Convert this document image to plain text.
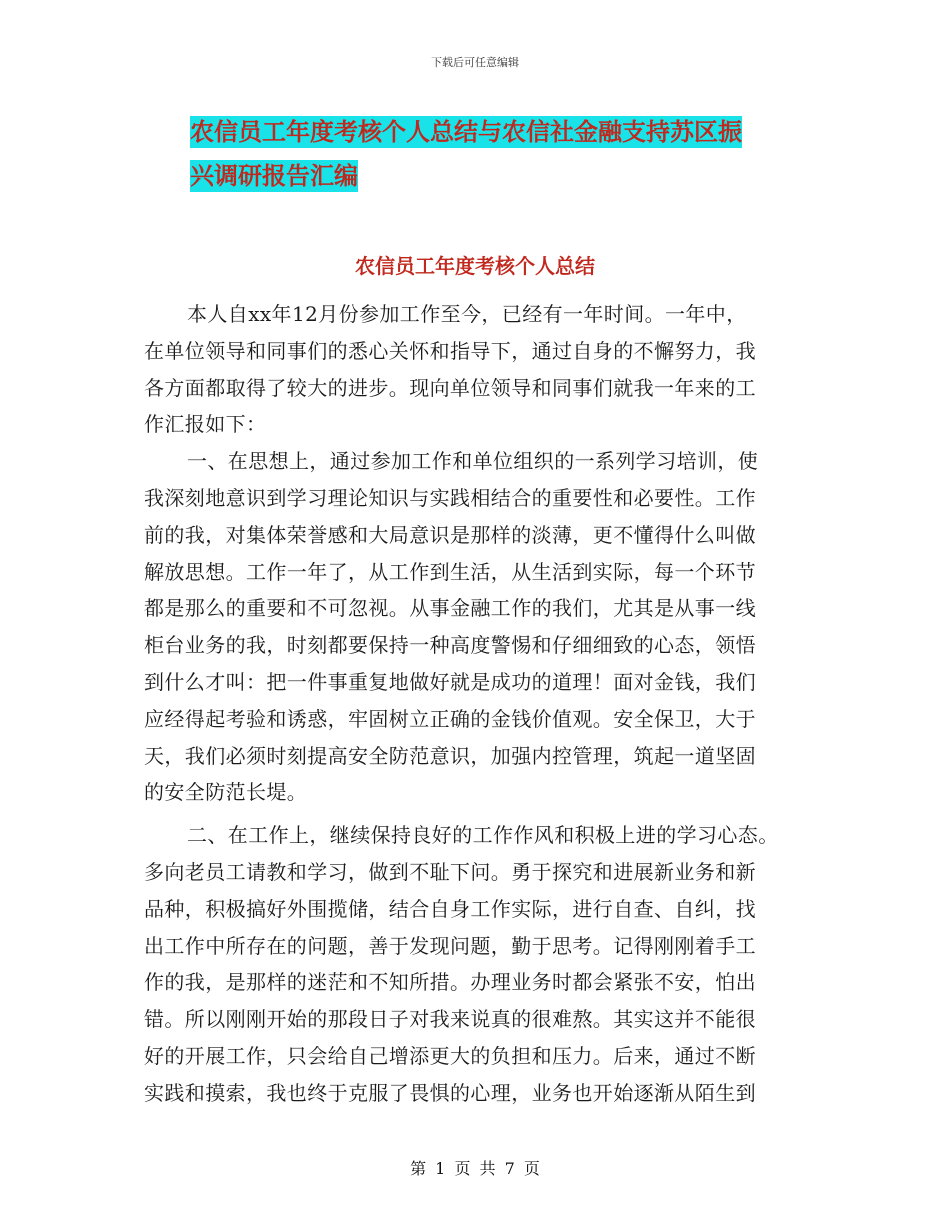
下载后可任意编辑
农信员工年度考核个人总结与农信社金融支持苏区振
兴调研报告汇编
农信员工年度考核个人总结
本人自xx年12月份参加工作至今，已经有一年时间。一年中，
在单位领导和同事们的悉心关怀和指导下，通过自身的不懈努力，我
各方面都取得了较大的进步。现向单位领导和同事们就我一年来的工
作汇报如下：
一、在思想上，通过参加工作和单位组织的一系列学习培训，使
我深刻地意识到学习理论知识与实践相结合的重要性和必要性。工作
前的我，对集体荣誉感和大局意识是那样的淡薄，更不懂得什么叫做
解放思想。工作一年了，从工作到生活，从生活到实际，每一个环节
都是那么的重要和不可忽视。从事金融工作的我们，尤其是从事一线
柜台业务的我，时刻都要保持一种高度警惕和仔细细致的心态，领悟
到什么才叫：把一件事重复地做好就是成功的道理！面对金钱，我们
应经得起考验和诱惑，牢固树立正确的金钱价值观。安全保卫，大于
天，我们必须时刻提高安全防范意识，加强内控管理，筑起一道坚固
的安全防范长堤。
二、在工作上，继续保持良好的工作作风和积极上进的学习心态。
多向老员工请教和学习，做到不耻下问。勇于探究和进展新业务和新
品种，积极搞好外围揽储，结合自身工作实际，进行自查、自纠，找
出工作中所存在的问题，善于发现问题，勤于思考。记得刚刚着手工
作的我，是那样的迷茫和不知所措。办理业务时都会紧张不安，怕出
错。所以刚刚开始的那段日子对我来说真的很难熬。其实这并不能很
好的开展工作，只会给自己增添更大的负担和压力。后来，通过不断
实践和摸索，我也终于克服了畏惧的心理，业务也开始逐渐从陌生到
第 1 页 共 7 页
